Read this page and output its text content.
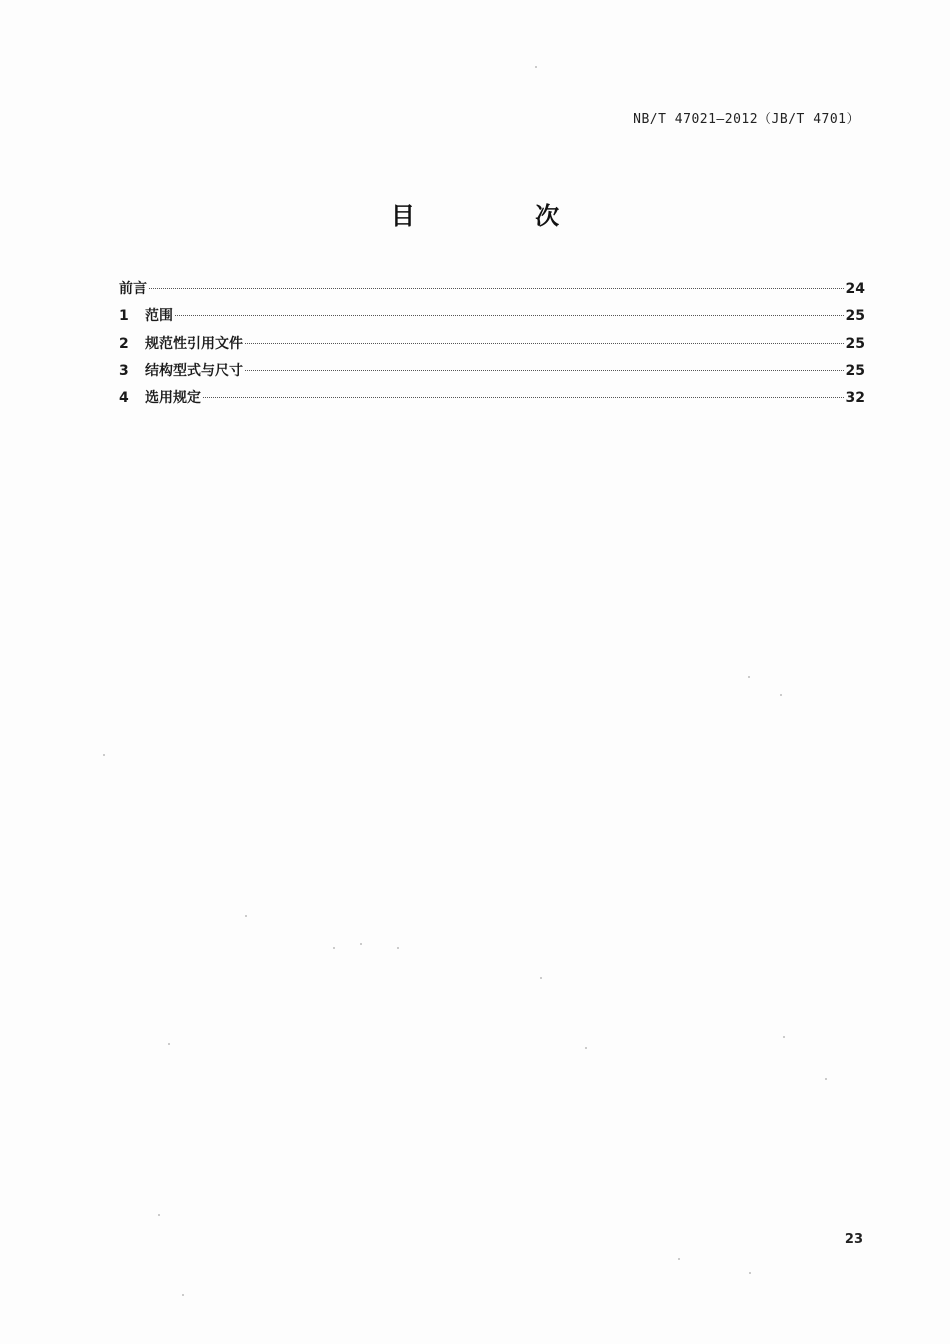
NB/T 47021—2012（JB/T 4701）
目 次
前言	24
1	范围	25
2	规范性引用文件	25
3	结构型式与尺寸	25
4	选用规定	32
23
